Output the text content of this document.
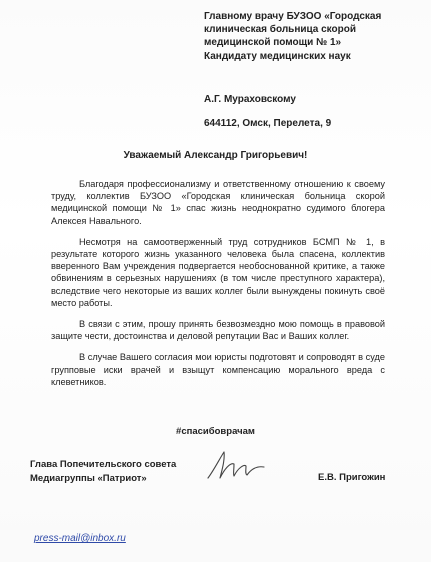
Главному врачу БУЗОО «Городская
клиническая больница скорой
медицинской помощи № 1»
Кандидату медицинских наук
А.Г. Мураховскому
644112, Омск, Перелета, 9
Уважаемый Александр Григорьевич!

Благодаря профессионализму и ответственному отношению к своему труду, коллектив БУЗОО «Городская клиническая больница скорой медицинской помощи № 1» спас жизнь неоднократно судимого блогера Алексея Навального.

Несмотря на самоотверженный труд сотрудников БСМП № 1, в результате которого жизнь указанного человека была спасена, коллектив вверенного Вам учреждения подвергается необоснованной критике, а также обвинениям в серьезных нарушениях (в том числе преступного характера), вследствие чего некоторые из ваших коллег были вынуждены покинуть своё место работы.

В связи с этим, прошу принять безвозмездно мою помощь в правовой защите чести, достоинства и деловой репутации Вас и Ваших коллег.

В случае Вашего согласия мои юристы подготовят и сопроводят в суде групповые иски врачей и взыщут компенсацию морального вреда с клеветников.

#спасибоврачам
Глава Попечительского совета
Медиагруппы «Патриот»	Е.В. Пригожин
press-mail@inbox.ru
